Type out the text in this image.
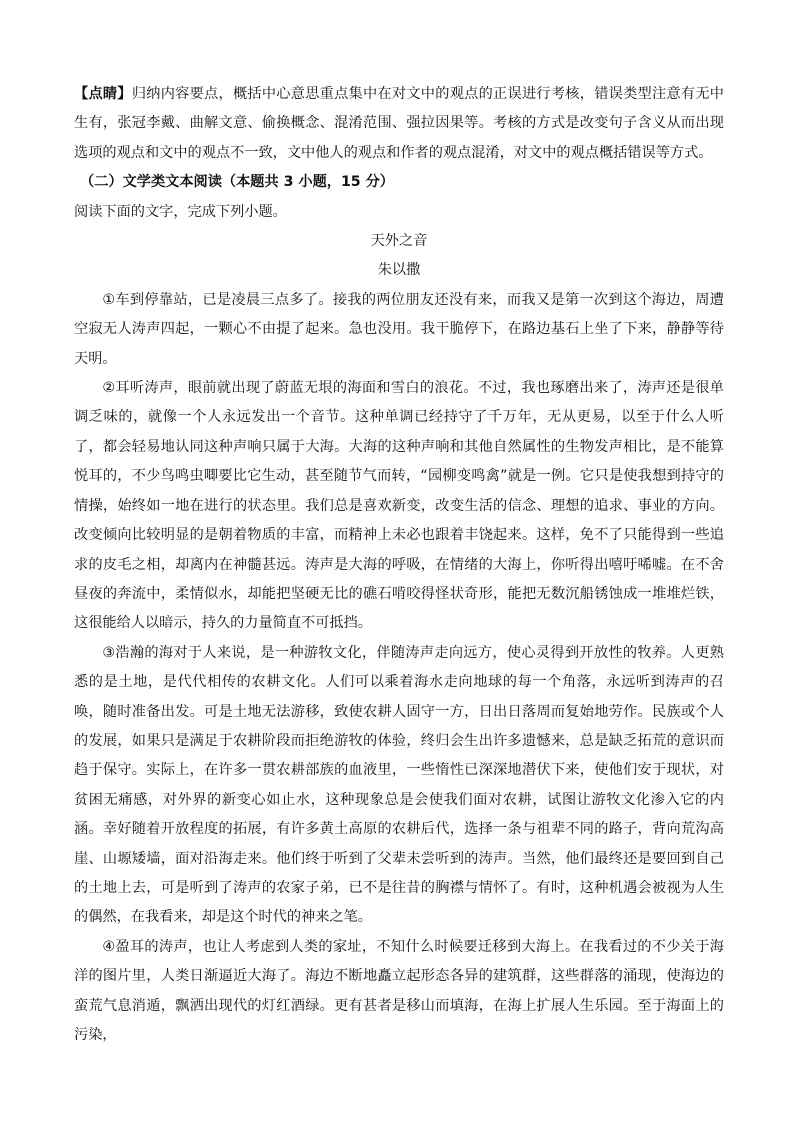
【点睛】归纳内容要点，概括中心意思重点集中在对文中的观点的正误进行考核，错误类型注意有无中生有，张冠李戴、曲解文意、偷换概念、混淆范围、强拉因果等。考核的方式是改变句子含义从而出现选项的观点和文中的观点不一致，文中他人的观点和作者的观点混淆，对文中的观点概括错误等方式。

（二）文学类文本阅读（本题共 3 小题，15 分）

阅读下面的文字，完成下列小题。

天外之音

朱以撒

①车到停靠站，已是凌晨三点多了。接我的两位朋友还没有来，而我又是第一次到这个海边，周遭空寂无人涛声四起，一颗心不由提了起来。急也没用。我干脆停下，在路边基石上坐了下来，静静等待天明。

②耳听涛声，眼前就出现了蔚蓝无垠的海面和雪白的浪花。不过，我也琢磨出来了，涛声还是很单调乏味的，就像一个人永远发出一个音节。这种单调已经持守了千万年，无从更易，以至于什么人听了，都会轻易地认同这种声响只属于大海。大海的这种声响和其他自然属性的生物发声相比，是不能算悦耳的，不少鸟鸣虫唧要比它生动，甚至随节气而转，“园柳变鸣禽”就是一例。它只是使我想到持守的情操，始终如一地在进行的状态里。我们总是喜欢新变，改变生活的信念、理想的追求、事业的方向。改变倾向比较明显的是朝着物质的丰富，而精神上未必也跟着丰饶起来。这样，免不了只能得到一些追求的皮毛之相，却离内在神髓甚远。涛声是大海的呼吸，在情绪的大海上，你听得出嘻吁唏嘘。在不舍昼夜的奔流中，柔情似水，却能把坚硬无比的礁石啃咬得怪状奇形，能把无数沉船锈蚀成一堆堆烂铁，这很能给人以暗示，持久的力量简直不可抵挡。

③浩瀚的海对于人来说，是一种游牧文化，伴随涛声走向远方，使心灵得到开放性的牧养。人更熟悉的是土地，是代代相传的农耕文化。人们可以乘着海水走向地球的每一个角落，永远听到涛声的召唤，随时准备出发。可是土地无法游移，致使农耕人固守一方，日出日落周而复始地劳作。民族或个人的发展，如果只是满足于农耕阶段而拒绝游牧的体验，终归会生出许多遗憾来，总是缺乏拓荒的意识而趋于保守。实际上，在许多一贯农耕部族的血液里，一些惰性已深深地潜伏下来，使他们安于现状，对贫困无痛感，对外界的新变心如止水，这种现象总是会使我们面对农耕，试图让游牧文化渗入它的内涵。幸好随着开放程度的拓展，有许多黄土高原的农耕后代，选择一条与祖辈不同的路子，背向荒沟高崖、山塬矮墙，面对沿海走来。他们终于听到了父辈未尝听到的涛声。当然，他们最终还是要回到自己的土地上去，可是听到了涛声的农家子弟，已不是往昔的胸襟与情怀了。有时，这种机遇会被视为人生的偶然，在我看来，却是这个时代的神来之笔。

④盈耳的涛声，也让人考虑到人类的家址，不知什么时候要迁移到大海上。在我看过的不少关于海洋的图片里，人类日渐逼近大海了。海边不断地矗立起形态各异的建筑群，这些群落的涌现，使海边的蛮荒气息消遁，飘洒出现代的灯红酒绿。更有甚者是移山而填海，在海上扩展人生乐园。至于海面上的污染，
